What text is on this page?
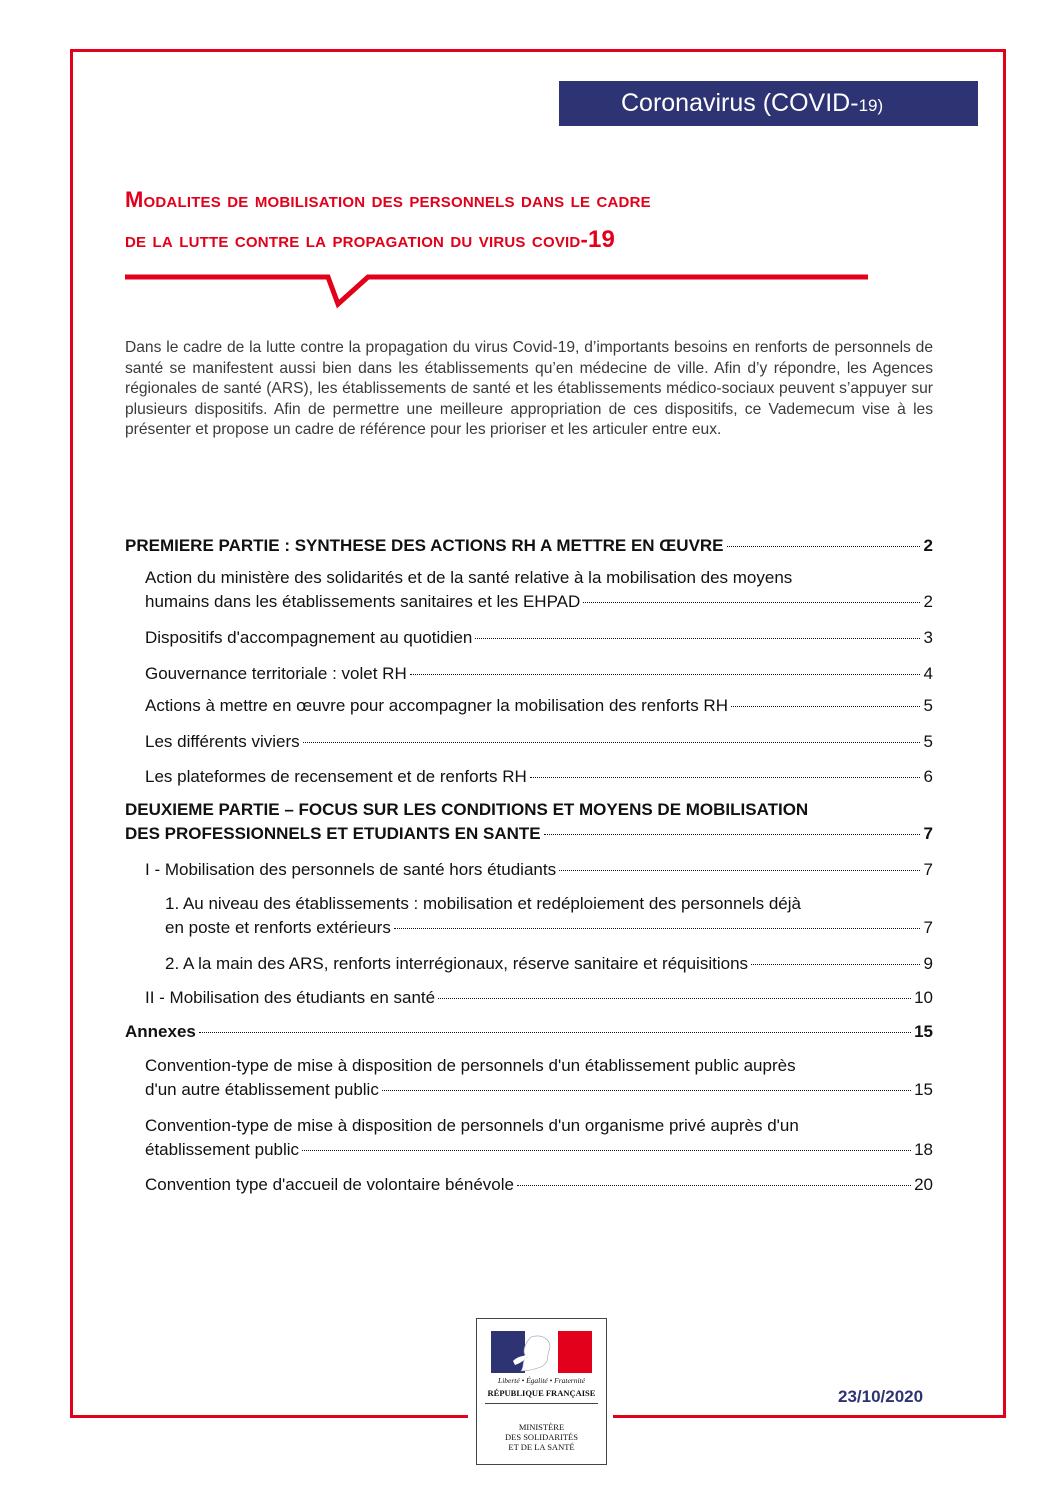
Coronavirus (COVID-19)
Modalites de mobilisation des personnels dans le cadre
de la lutte contre la propagation du virus covid-19

Dans le cadre de la lutte contre la propagation du virus Covid-19, d’importants besoins en renforts de personnels de santé se manifestent aussi bien dans les établissements qu’en médecine de ville. Afin d’y répondre, les Agences régionales de santé (ARS), les établissements de santé et les établissements médico-sociaux peuvent s’appuyer sur plusieurs dispositifs. Afin de permettre une meilleure appropriation de ces dispositifs, ce Vademecum vise à les présenter et propose un cadre de référence pour les prioriser et les articuler entre eux.

PREMIERE PARTIE : SYNTHESE DES ACTIONS RH A METTRE EN ŒUVRE	2
Action du ministère des solidarités et de la santé relative à la mobilisation des moyens
humains dans les établissements sanitaires et les EHPAD	2
Dispositifs d'accompagnement au quotidien	3
Gouvernance territoriale : volet RH	4
Actions à mettre en œuvre pour accompagner la mobilisation des renforts RH	5
Les différents viviers	5
Les plateformes de recensement et de renforts RH	6
DEUXIEME PARTIE – FOCUS SUR LES CONDITIONS ET MOYENS DE MOBILISATION
DES PROFESSIONNELS ET ETUDIANTS EN SANTE	7
I - Mobilisation des personnels de santé hors étudiants	7
1. Au niveau des établissements : mobilisation et redéploiement des personnels déjà
en poste et renforts extérieurs	7
2. A la main des ARS, renforts interrégionaux, réserve sanitaire et réquisitions	9
II - Mobilisation des étudiants en santé	10
Annexes	15
Convention-type de mise à disposition de personnels d'un établissement public auprès
d'un autre établissement public	15
Convention-type de mise à disposition de personnels d'un organisme privé auprès d'un
établissement public	18
Convention type d'accueil de volontaire bénévole	20
Liberté • Égalité • Fraternité
RÉPUBLIQUE FRANÇAISE
MINISTÈRE
DES SOLIDARITÉS
ET DE LA SANTÉ
23/10/2020
